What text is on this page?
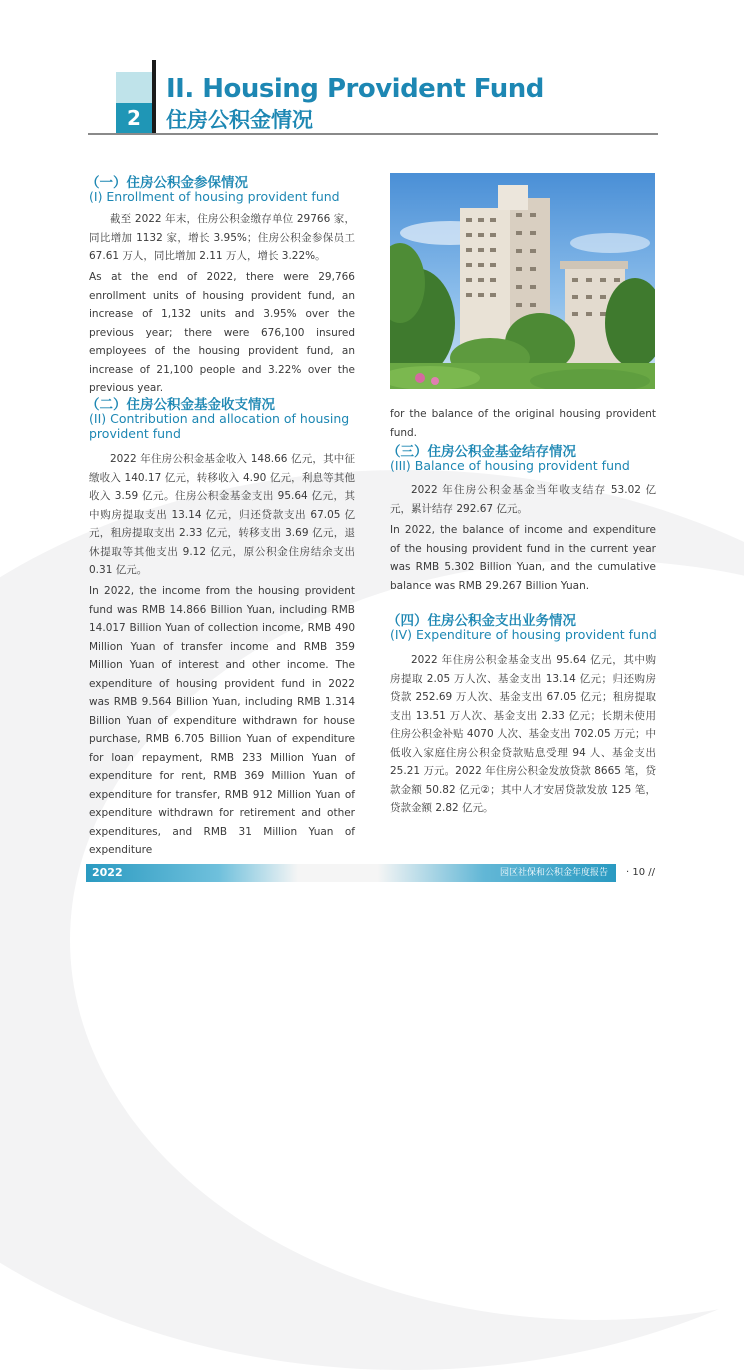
2
II. Housing Provident Fund
住房公积金情况
（一）住房公积金参保情况
(I) Enrollment of housing provident fund
截至 2022 年末，住房公积金缴存单位 29766 家，同比增加 1132 家，增长 3.95%；住房公积金参保员工 67.61 万人，同比增加 2.11 万人，增长 3.22%。
As at the end of 2022, there were 29,766 enrollment units of housing provident fund, an increase of 1,132 units and 3.95% over the previous year; there were 676,100 insured employees of the housing provident fund, an increase of 21,100 people and 3.22% over the previous year.
（二）住房公积金基金收支情况
(II) Contribution and allocation of housing provident fund
2022 年住房公积金基金收入 148.66 亿元，其中征缴收入 140.17 亿元，转移收入 4.90 亿元，利息等其他收入 3.59 亿元。住房公积金基金支出 95.64 亿元，其中购房提取支出 13.14 亿元，归还贷款支出 67.05 亿元，租房提取支出 2.33 亿元，转移支出 3.69 亿元，退休提取等其他支出 9.12 亿元，原公积金住房结余支出 0.31 亿元。
In 2022, the income from the housing provident fund was RMB 14.866 Billion Yuan, including RMB 14.017 Billion Yuan of collection income, RMB 490 Million Yuan of transfer income and RMB 359 Million Yuan of interest and other income. The expenditure of housing provident fund in 2022 was RMB 9.564 Billion Yuan, including RMB 1.314 Billion Yuan of expenditure withdrawn for house purchase, RMB 6.705 Billion Yuan of expenditure for loan repayment, RMB 233 Million Yuan of expenditure for rent, RMB 369 Million Yuan of expenditure for transfer, RMB 912 Million Yuan of expenditure withdrawn for retirement and other expenditures, and RMB 31 Million Yuan of expenditure
for the balance of the original housing provident fund.
（三）住房公积金基金结存情况
(III) Balance of housing provident fund
2022 年住房公积金基金当年收支结存 53.02 亿元，累计结存 292.67 亿元。
In 2022, the balance of income and expenditure of the housing provident fund in the current year was RMB 5.302 Billion Yuan, and the cumulative balance was RMB 29.267 Billion Yuan.
（四）住房公积金支出业务情况
(IV) Expenditure of housing provident fund
2022 年住房公积金基金支出 95.64 亿元，其中购房提取 2.05 万人次、基金支出 13.14 亿元；归还购房贷款 252.69 万人次、基金支出 67.05 亿元；租房提取支出 13.51 万人次、基金支出 2.33 亿元；长期未使用住房公积金补贴 4070 人次、基金支出 702.05 万元；中低收入家庭住房公积金贷款贴息受理 94 人、基金支出 25.21 万元。2022 年住房公积金发放贷款 8665 笔，贷款金额 50.82 亿元②；其中人才安居贷款发放 125 笔，贷款金额 2.82 亿元。
2022	园区社保和公积金年度报告 · 10 //
